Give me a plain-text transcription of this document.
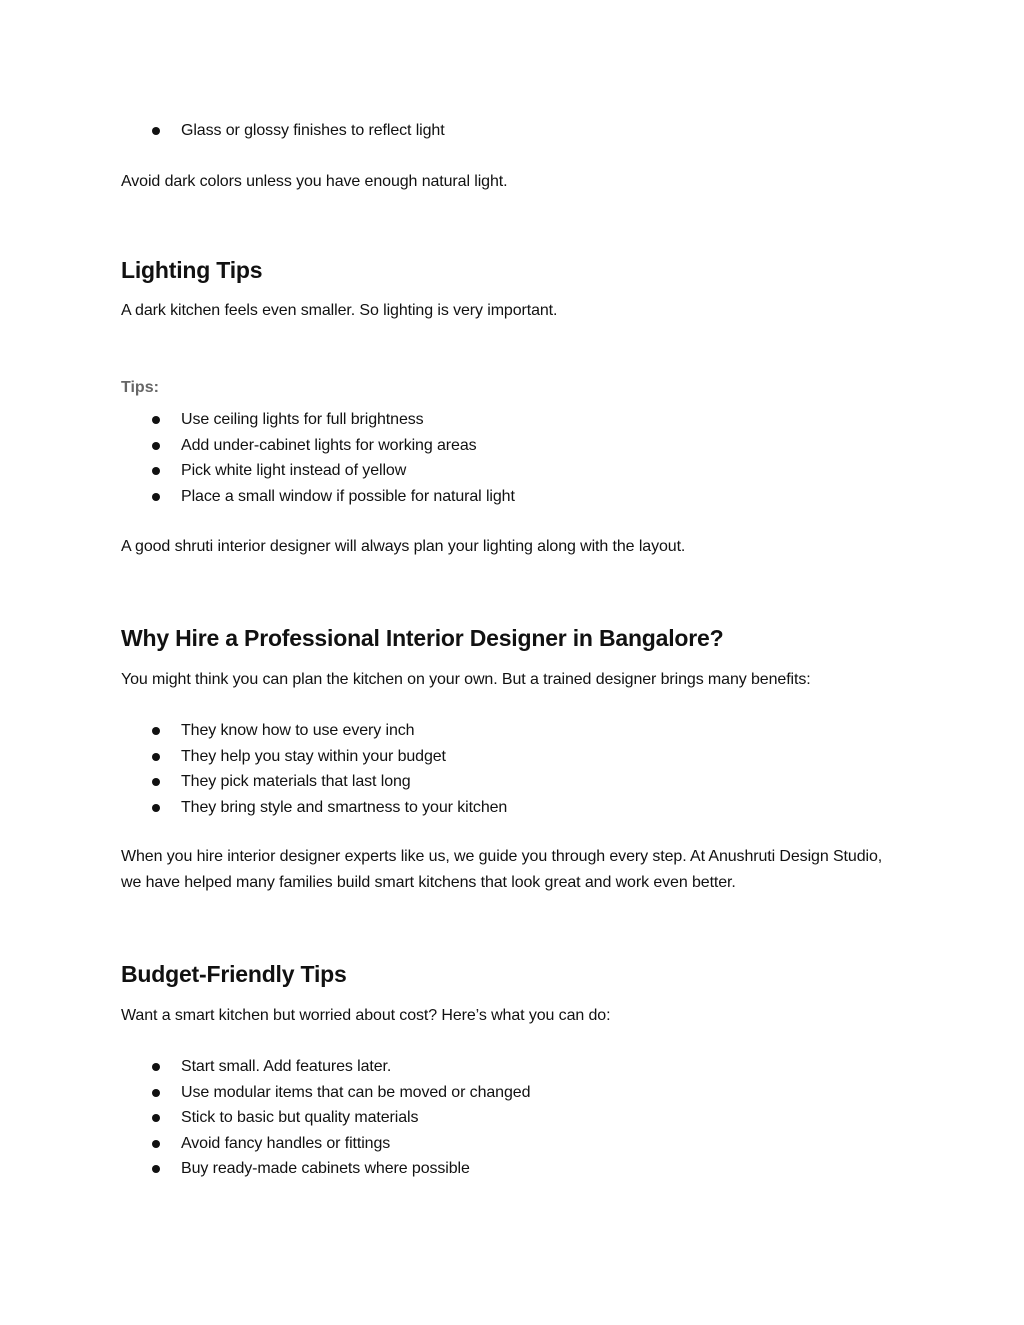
Glass or glossy finishes to reflect light

Avoid dark colors unless you have enough natural light.

Lighting Tips

A dark kitchen feels even smaller. So lighting is very important.

Tips:
Use ceiling lights for full brightness
Add under-cabinet lights for working areas
Pick white light instead of yellow
Place a small window if possible for natural light

A good shruti interior designer will always plan your lighting along with the layout.

Why Hire a Professional Interior Designer in Bangalore?

You might think you can plan the kitchen on your own. But a trained designer brings many benefits:

They know how to use every inch
They help you stay within your budget
They pick materials that last long
They bring style and smartness to your kitchen

When you hire interior designer experts like us, we guide you through every step. At Anushruti Design Studio, we have helped many families build smart kitchens that look great and work even better.

Budget-Friendly Tips

Want a smart kitchen but worried about cost? Here’s what you can do:

Start small. Add features later.
Use modular items that can be moved or changed
Stick to basic but quality materials
Avoid fancy handles or fittings
Buy ready-made cabinets where possible
